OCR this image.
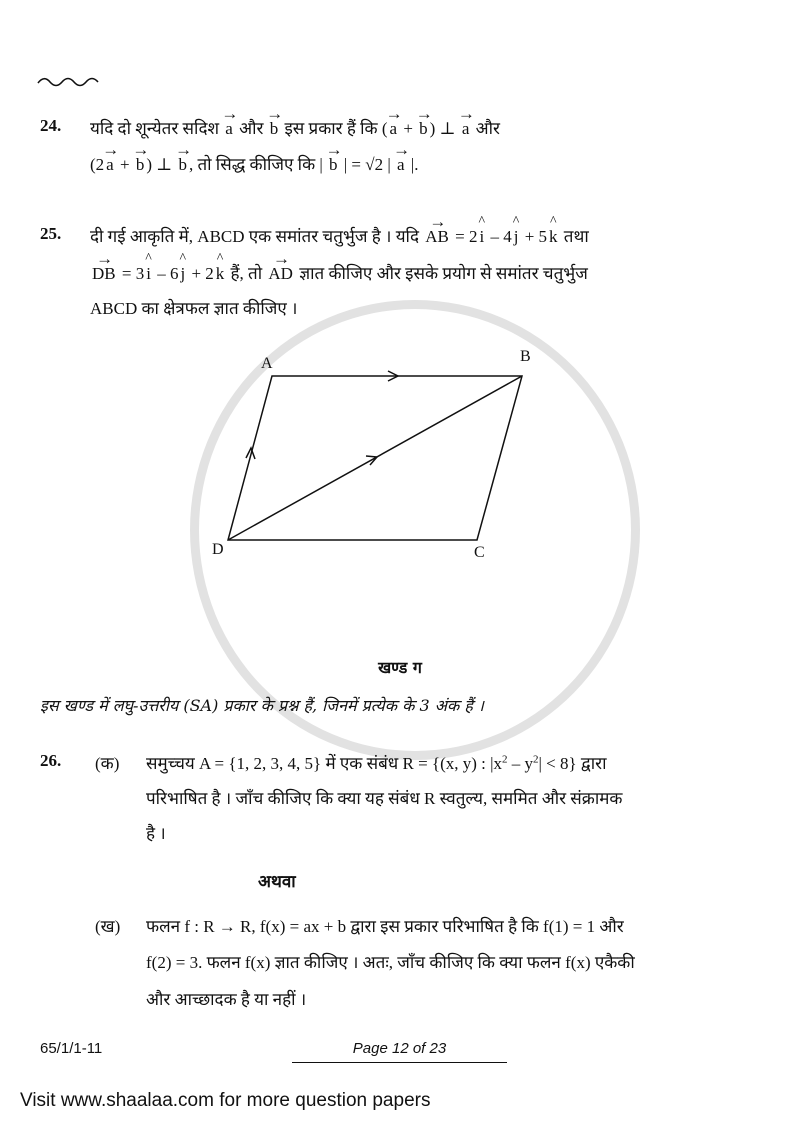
24. यदि दो शून्येतर सदिश → a और → b इस प्रकार हैं कि ( → a + → b ) ⊥ → a और
(2 → a + → b ) ⊥ → b , तो सिद्ध कीजिए कि | → b | = √2 | → a |.
25. दी गई आकृति में, ABCD एक समांतर चतुर्भुज है । यदि → AB = 2 ^ i – 4 ^ j + 5 ^ k तथा
→ DB = 3 ^ i – 6 ^ j + 2 ^ k हैं, तो → AD ज्ञात कीजिए और इसके प्रयोग से समांतर चतुर्भुज
ABCD का क्षेत्रफल ज्ञात कीजिए ।
A	B
C
D
खण्ड ग
इस खण्ड में लघु-उत्तरीय (SA) प्रकार के प्रश्न हैं, जिनमें प्रत्येक के 3 अंक हैं ।
26. (क) समुच्चय A = {1, 2, 3, 4, 5} में एक संबंध R = {(x, y) : $|x^2 - y^2| < 8$} द्वारा
परिभाषित है । जाँच कीजिए कि क्या यह संबंध R स्वतुल्य, सममित और संक्रामक
है ।
अथवा
(ख) फलन f : R → R, f(x) = ax + b द्वारा इस प्रकार परिभाषित है कि f(1) = 1 और
f(2) = 3. फलन f(x) ज्ञात कीजिए । अतः, जाँच कीजिए कि क्या फलन f(x) एकैकी
और आच्छादक है या नहीं ।
65/1/1-11	Page 12 of 23
Visit www.shaalaa.com for more question papers
